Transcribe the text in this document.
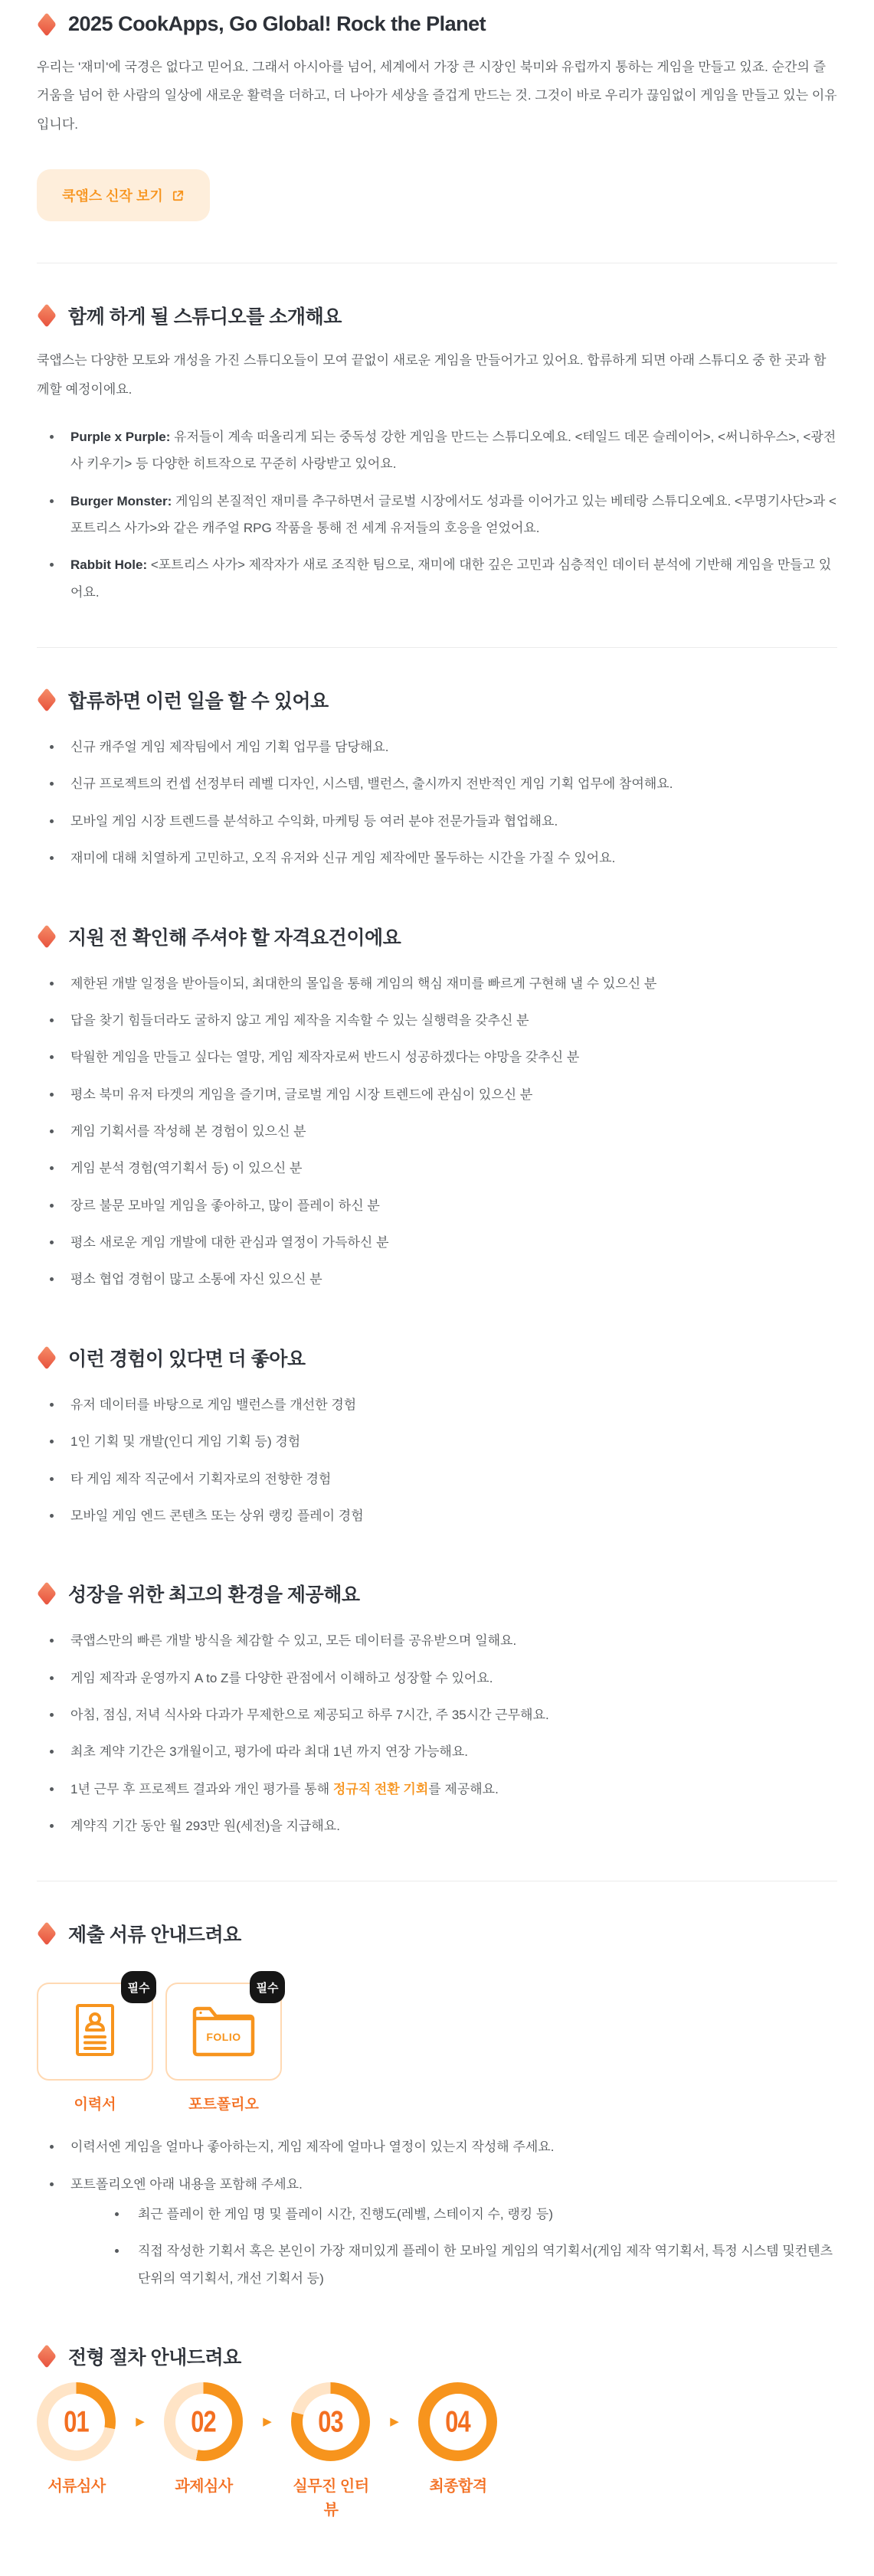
2025 CookApps, Go Global! Rock the Planet

우리는 '재미'에 국경은 없다고 믿어요. 그래서 아시아를 넘어, 세계에서 가장 큰 시장인 북미와 유럽까지 통하는 게임을 만들고 있죠. 순간의 즐거움을 넘어 한 사람의 일상에 새로운 활력을 더하고, 더 나아가 세상을 즐겁게 만드는 것. 그것이 바로 우리가 끊임없이 게임을 만들고 있는 이유입니다.

쿡앱스 신작 보기
함께 하게 될 스튜디오를 소개해요

쿡앱스는 다양한 모토와 개성을 가진 스튜디오들이 모여 끝없이 새로운 게임을 만들어가고 있어요. 합류하게 되면 아래 스튜디오 중 한 곳과 함께할 예정이에요.

Purple x Purple: 유저들이 계속 떠올리게 되는 중독성 강한 게임을 만드는 스튜디오예요. <테일드 데몬 슬레이어>, <써니하우스>, <광전사 키우기> 등 다양한 히트작으로 꾸준히 사랑받고 있어요.
Burger Monster: 게임의 본질적인 재미를 추구하면서 글로벌 시장에서도 성과를 이어가고 있는 베테랑 스튜디오예요. <무명기사단>과 <포트리스 사가>와 같은 캐주얼 RPG 작품을 통해 전 세계 유저들의 호응을 얻었어요.
Rabbit Hole: <포트리스 사가> 제작자가 새로 조직한 팀으로, 재미에 대한 깊은 고민과 심층적인 데이터 분석에 기반해 게임을 만들고 있어요.
합류하면 이런 일을 할 수 있어요
신규 캐주얼 게임 제작팀에서 게임 기획 업무를 담당해요.
신규 프로젝트의 컨셉 선정부터 레벨 디자인, 시스템, 밸런스, 출시까지 전반적인 게임 기획 업무에 참여해요.
모바일 게임 시장 트렌드를 분석하고 수익화, 마케팅 등 여러 분야 전문가들과 협업해요.
재미에 대해 치열하게 고민하고, 오직 유저와 신규 게임 제작에만 몰두하는 시간을 가질 수 있어요.
지원 전 확인해 주셔야 할 자격요건이에요
제한된 개발 일정을 받아들이되, 최대한의 몰입을 통해 게임의 핵심 재미를 빠르게 구현해 낼 수 있으신 분
답을 찾기 힘들더라도 굴하지 않고 게임 제작을 지속할 수 있는 실행력을 갖추신 분
탁월한 게임을 만들고 싶다는 열망, 게임 제작자로써 반드시 성공하겠다는 야망을 갖추신 분
평소 북미 유저 타겟의 게임을 즐기며, 글로벌 게임 시장 트렌드에 관심이 있으신 분
게임 기획서를 작성해 본 경험이 있으신 분
게임 분석 경험(역기획서 등) 이 있으신 분
장르 불문 모바일 게임을 좋아하고, 많이 플레이 하신 분
평소 새로운 게임 개발에 대한 관심과 열정이 가득하신 분
평소 협업 경험이 많고 소통에 자신 있으신 분
이런 경험이 있다면 더 좋아요
유저 데이터를 바탕으로 게임 밸런스를 개선한 경험
1인 기획 및 개발(인디 게임 기획 등) 경험
타 게임 제작 직군에서 기획자로의 전향한 경험
모바일 게임 엔드 콘텐츠 또는 상위 랭킹 플레이 경험
성장을 위한 최고의 환경을 제공해요
쿡앱스만의 빠른 개발 방식을 체감할 수 있고, 모든 데이터를 공유받으며 일해요.
게임 제작과 운영까지 A to Z를 다양한 관점에서 이해하고 성장할 수 있어요.
아침, 점심, 저녁 식사와 다과가 무제한으로 제공되고 하루 7시간, 주 35시간 근무해요.
최초 계약 기간은 3개월이고, 평가에 따라 최대 1년 까지 연장 가능해요.
1년 근무 후 프로젝트 결과와 개인 평가를 통해 정규직 전환 기회를 제공해요.
계약직 기간 동안 월 293만 원(세전)을 지급해요.
제출 서류 안내드려요
필수	필수
FOLIO
이력서	포트폴리오
이력서엔 게임을 얼마나 좋아하는지, 게임 제작에 얼마나 열정이 있는지 작성해 주세요.
포트폴리오엔 아래 내용을 포함해 주세요.
최근 플레이 한 게임 명 및 플레이 시간, 진행도(레벨, 스테이지 수, 랭킹 등)
직접 작성한 기획서 혹은 본인이 가장 재미있게 플레이 한 모바일 게임의 역기획서(게임 제작 역기획서, 특정 시스템 및컨텐츠 단위의 역기획서, 개선 기획서 등)
전형 절차 안내드려요
01
서류심사
▶	02
과제심사
▶	03
실무진 인터뷰
▶	04
최종합격
